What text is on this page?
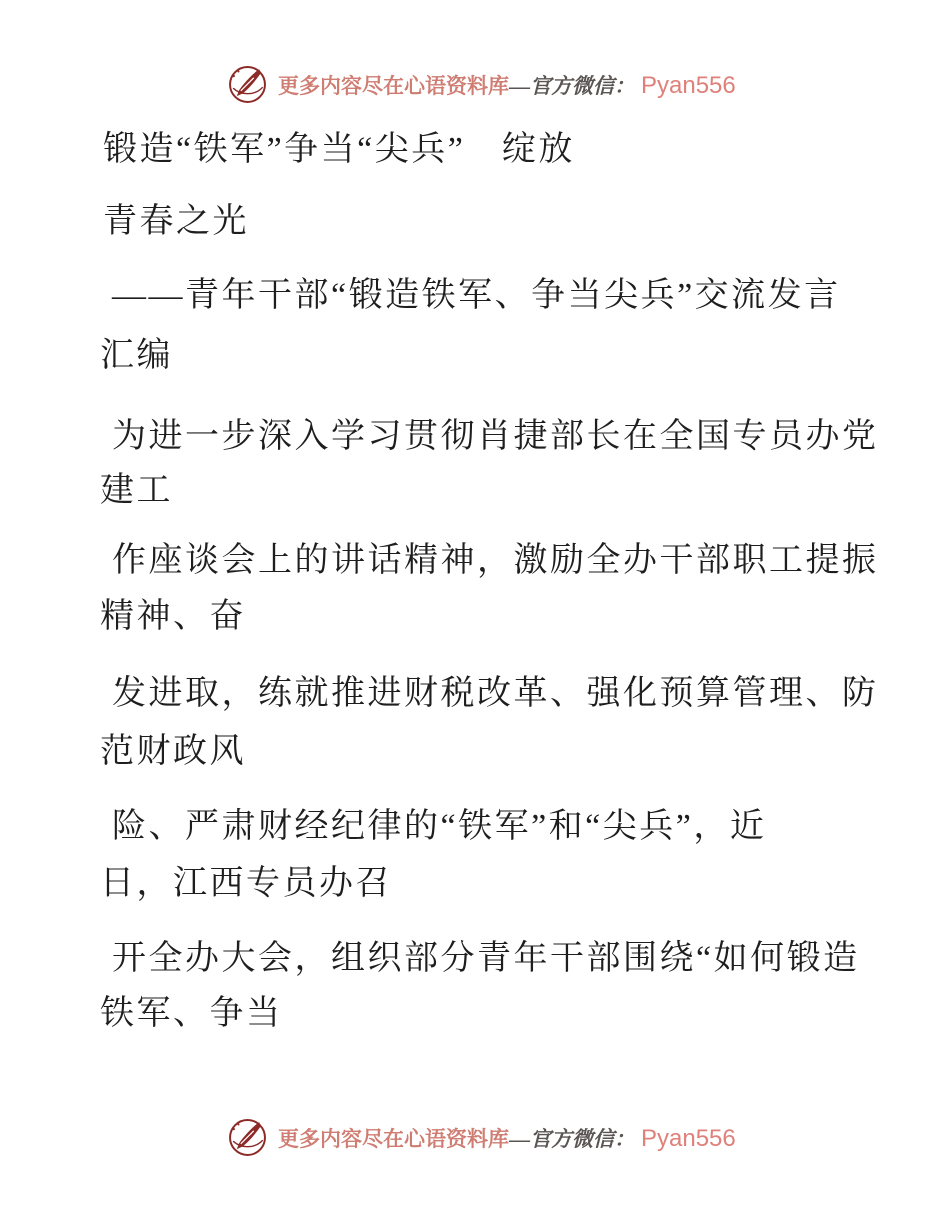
更多内容尽在心语资料库 — 官方微信： Pyan556
锻造“铁军”争当“尖兵”　绽放
青春之光
——青年干部“锻造铁军、争当尖兵”交流发言
汇编
为进一步深入学习贯彻肖捷部长在全国专员办党
建工
作座谈会上的讲话精神，激励全办干部职工提振
精神、奋
发进取，练就推进财税改革、强化预算管理、防
范财政风
险、严肃财经纪律的“铁军”和“尖兵”，近
日，江西专员办召
开全办大会，组织部分青年干部围绕“如何锻造
铁军、争当
更多内容尽在心语资料库 — 官方微信： Pyan556
